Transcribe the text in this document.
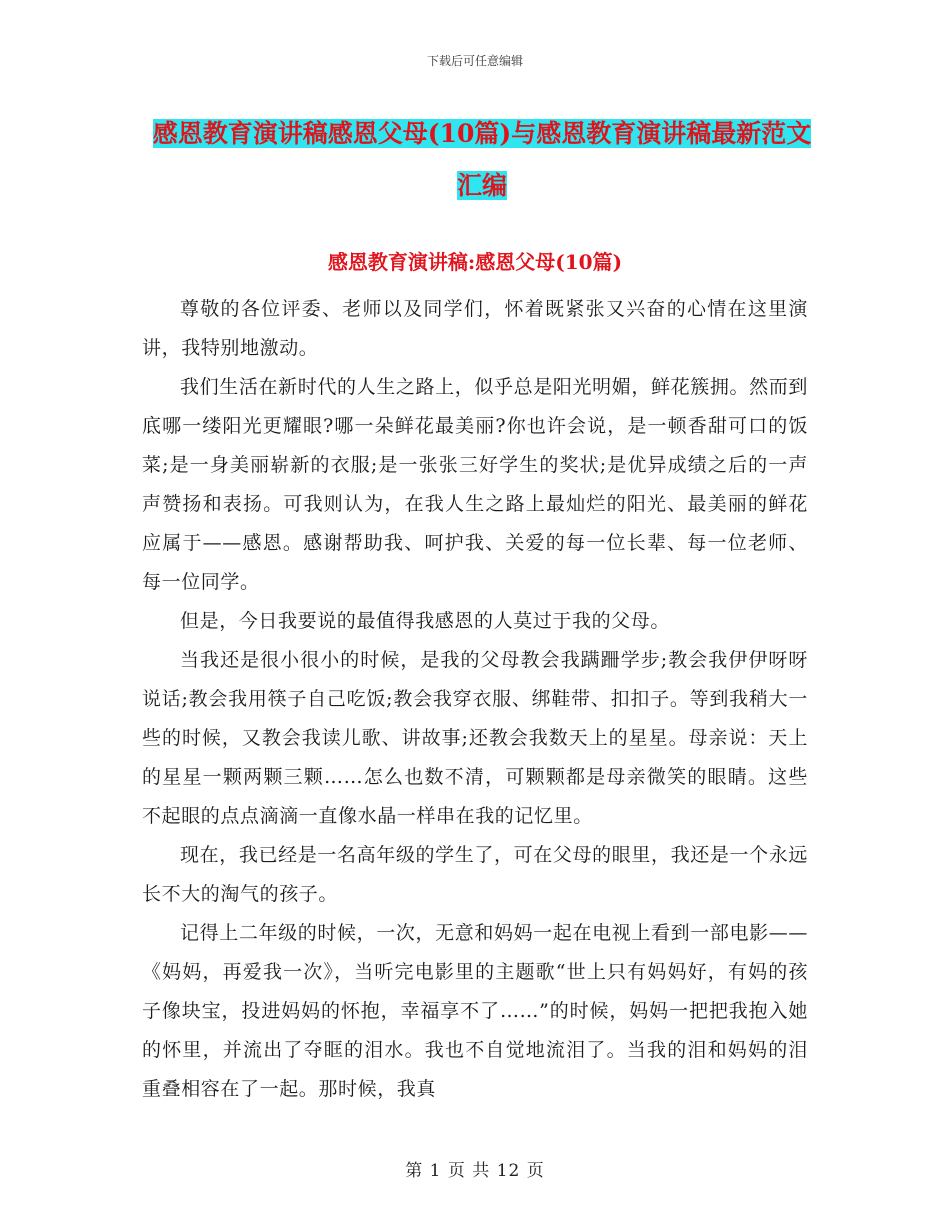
下载后可任意编辑
感恩教育演讲稿感恩父母(10篇)与感恩教育演讲稿最新范文汇编
感恩教育演讲稿:感恩父母(10篇)

尊敬的各位评委、老师以及同学们，怀着既紧张又兴奋的心情在这里演讲，我特别地激动。

我们生活在新时代的人生之路上，似乎总是阳光明媚，鲜花簇拥。然而到底哪一缕阳光更耀眼?哪一朵鲜花最美丽?你也许会说，是一顿香甜可口的饭菜;是一身美丽崭新的衣服;是一张张三好学生的奖状;是优异成绩之后的一声声赞扬和表扬。可我则认为，在我人生之路上最灿烂的阳光、最美丽的鲜花应属于——感恩。感谢帮助我、呵护我、关爱的每一位长辈、每一位老师、每一位同学。

但是，今日我要说的最值得我感恩的人莫过于我的父母。

当我还是很小很小的时候，是我的父母教会我蹒跚学步;教会我伊伊呀呀说话;教会我用筷子自己吃饭;教会我穿衣服、绑鞋带、扣扣子。等到我稍大一些的时候，又教会我读儿歌、讲故事;还教会我数天上的星星。母亲说：天上的星星一颗两颗三颗……怎么也数不清，可颗颗都是母亲微笑的眼睛。这些不起眼的点点滴滴一直像水晶一样串在我的记忆里。

现在，我已经是一名高年级的学生了，可在父母的眼里，我还是一个永远长不大的淘气的孩子。

记得上二年级的时候，一次，无意和妈妈一起在电视上看到一部电影——《妈妈，再爱我一次》，当听完电影里的主题歌“世上只有妈妈好，有妈的孩子像块宝，投进妈妈的怀抱，幸福享不了……”的时候，妈妈一把把我抱入她的怀里，并流出了夺眶的泪水。我也不自觉地流泪了。当我的泪和妈妈的泪重叠相容在了一起。那时候，我真

第 1 页 共 12 页
